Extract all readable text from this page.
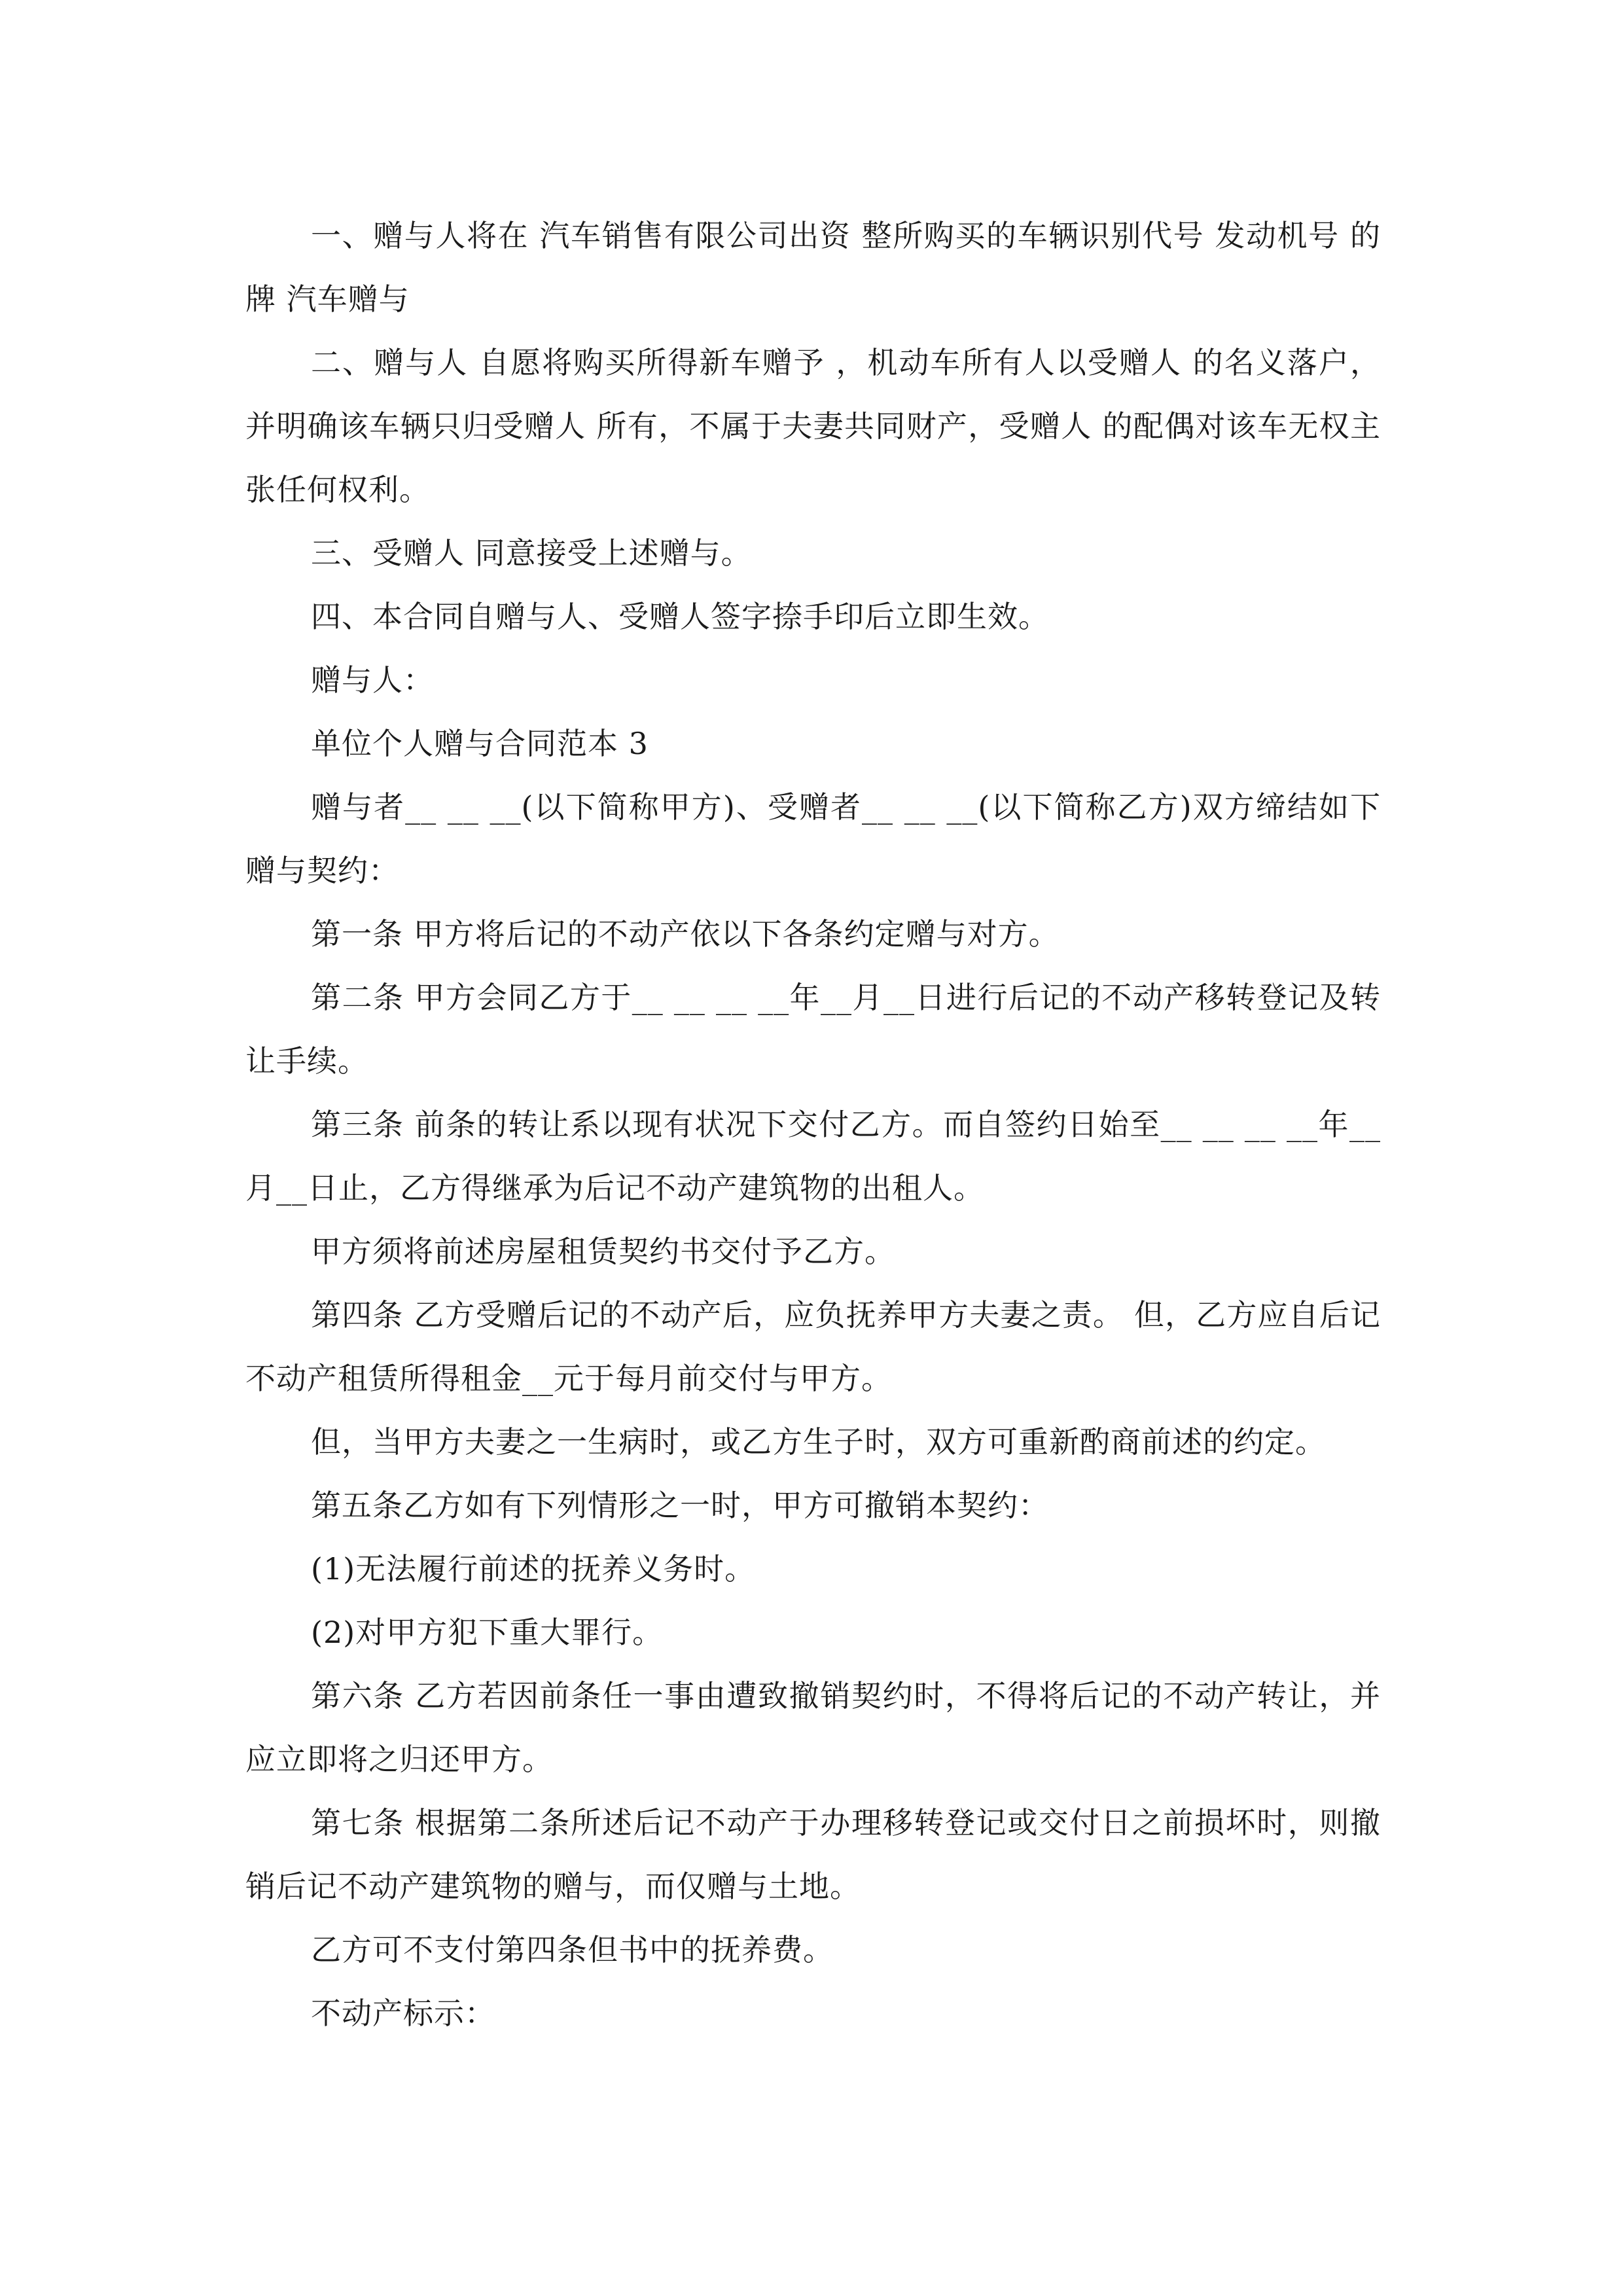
一、赠与人将在 汽车销售有限公司出资 整所购买的车辆识别代号 发动机号 的 牌 汽车赠与

二、赠与人 自愿将购买所得新车赠予 ，机动车所有人以受赠人 的名义落户，并明确该车辆只归受赠人 所有，不属于夫妻共同财产，受赠人 的配偶对该车无权主张任何权利。

三、受赠人 同意接受上述赠与。

四、本合同自赠与人、受赠人签字捺手印后立即生效。

赠与人：

单位个人赠与合同范本 3

赠与者__ __ __(以下简称甲方)、受赠者__ __ __(以下简称乙方)双方缔结如下赠与契约：

第一条 甲方将后记的不动产依以下各条约定赠与对方。

第二条 甲方会同乙方于__ __ __ __年__月__日进行后记的不动产移转登记及转让手续。

第三条 前条的转让系以现有状况下交付乙方。而自签约日始至__ __ __ __年__月__日止，乙方得继承为后记不动产建筑物的出租人。

甲方须将前述房屋租赁契约书交付予乙方。

第四条 乙方受赠后记的不动产后，应负抚养甲方夫妻之责。 但，乙方应自后记不动产租赁所得租金__元于每月前交付与甲方。

但，当甲方夫妻之一生病时，或乙方生子时，双方可重新酌商前述的约定。

第五条乙方如有下列情形之一时，甲方可撤销本契约：

(1)无法履行前述的抚养义务时。

(2)对甲方犯下重大罪行。

第六条 乙方若因前条任一事由遭致撤销契约时，不得将后记的不动产转让，并应立即将之归还甲方。

第七条 根据第二条所述后记不动产于办理移转登记或交付日之前损坏时，则撤销后记不动产建筑物的赠与，而仅赠与土地。

乙方可不支付第四条但书中的抚养费。

不动产标示：
